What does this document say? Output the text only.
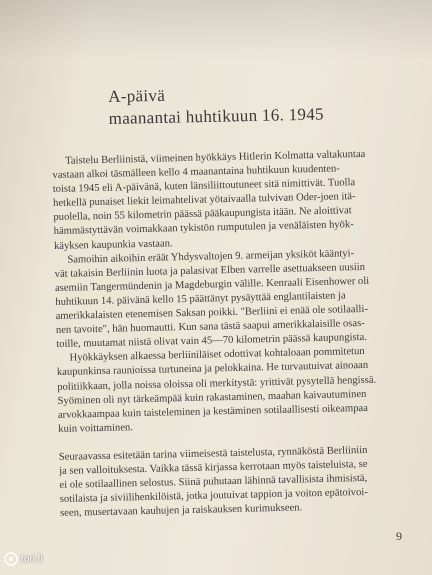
A-päivä
maanantai huhtikuun 16. 1945
Taistelu Berliinistä, viimeinen hyökkäys Hitlerin Kolmatta valtakuntaa
vastaan alkoi täsmälleen kello 4 maanantaina huhtikuun kuudenten-
toista 1945 eli A-päivänä, kuten länsiliittoutuneet sitä nimittivät. Tuolla
hetkellä punaiset liekit leimahtelivat yötaivaalla tulvivan Oder-joen itä-
puolella, noin 55 kilometrin päässä pääkaupungista itään. Ne aloittivat
hämmästyttävän voimakkaan tykistön rumputulen ja venäläisten hyök-
käyksen kaupunkia vastaan.
Samoihin aikoihin eräät Yhdysvaltojen 9. armeijan yksiköt kääntyi-
vät takaisin Berliinin luota ja palasivat Elben varrelle asettuakseen uusiin
asemiin Tangermündenin ja Magdeburgin välille. Kenraali Eisenhower oli
huhtikuun 14. päivänä kello 15 päättänyt pysäyttää englantilaisten ja
amerikkalaisten etenemisen Saksan poikki. "Berliini ei enää ole sotilaalli-
nen tavoite", hän huomautti. Kun sana tästä saapui amerikkalaisille osas-
toille, muutamat niistä olivat vain 45—70 kilometrin päässä kaupungista.
Hyökkäyksen alkaessa berliiniläiset odottivat kohtaloaan pommitetun
kaupunkinsa raunioissa turtuneina ja pelokkaina. He turvautuivat ainoaan
politiikkaan, jolla noissa oloissa oli merkitystä: yrittivät pysytellä hengissä.
Syöminen oli nyt tärkeämpää kuin rakastaminen, maahan kaivautuminen
arvokkaampaa kuin taisteleminen ja kestäminen sotilaallisesti oikeampaa
kuin voittaminen.
Seuraavassa esitetään tarina viimeisestä taistelusta, rynnäköstä Berliiniin
ja sen valloituksesta. Vaikka tässä kirjassa kerrotaan myös taisteluista, se
ei ole sotilaallinen selostus. Siinä puhutaan lähinnä tavallisista ihmisistä,
sotilaista ja siviilihenkilöistä, jotka joutuivat tappion ja voiton epätoivoi-
seen, musertavaan kauhujen ja raiskauksen kurimukseen.
9
tori.fi
